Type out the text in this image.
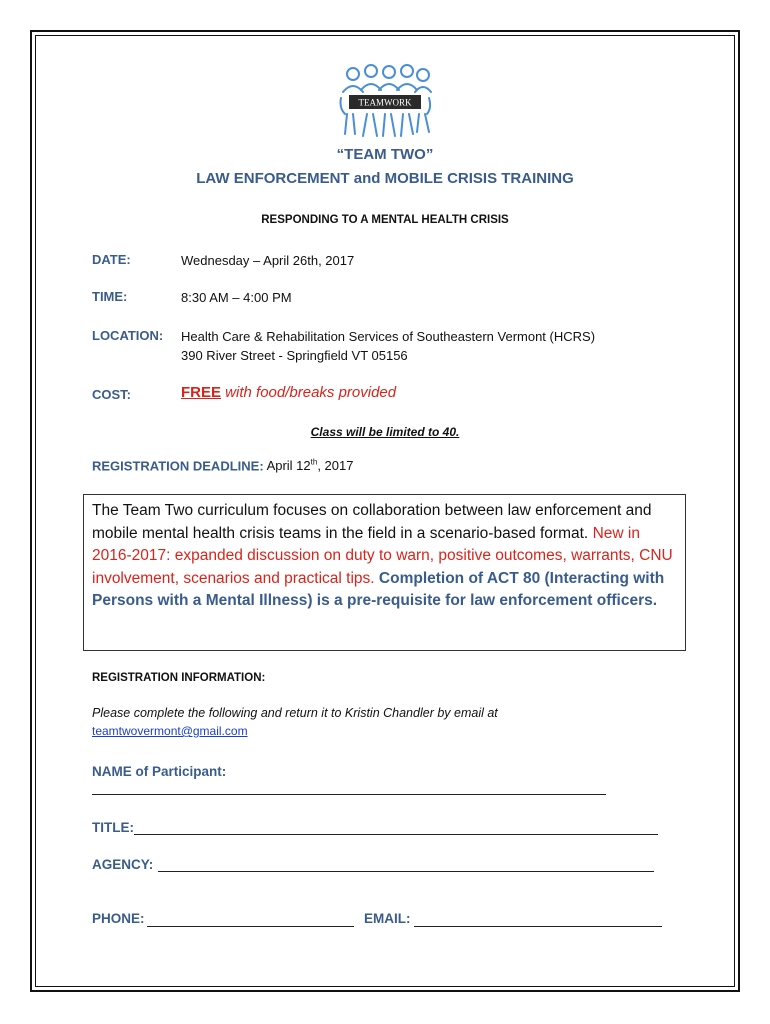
TEAMWORK
“TEAM TWO”
LAW ENFORCEMENT and MOBILE CRISIS TRAINING
RESPONDING TO A MENTAL HEALTH CRISIS
DATE:	Wednesday – April 26th, 2017
TIME:	8:30 AM – 4:00 PM
LOCATION: Health Care & Rehabilitation Services of Southeastern Vermont (HCRS)
390 River Street - Springfield VT 05156
COST:	FREE with food/breaks provided
Class will be limited to 40.
REGISTRATION DEADLINE: April 12th, 2017
The Team Two curriculum focuses on collaboration between law enforcement and mobile mental health crisis teams in the field in a scenario-based format. New in 2016-2017: expanded discussion on duty to warn, positive outcomes, warrants, CNU involvement, scenarios and practical tips. Completion of ACT 80 (Interacting with Persons with a Mental Illness) is a pre-requisite for law enforcement officers.
REGISTRATION INFORMATION:
Please complete the following and return it to Kristin Chandler by email at
teamtwovermont@gmail.com
NAME of Participant:
TITLE:
AGENCY:
PHONE:	EMAIL:
